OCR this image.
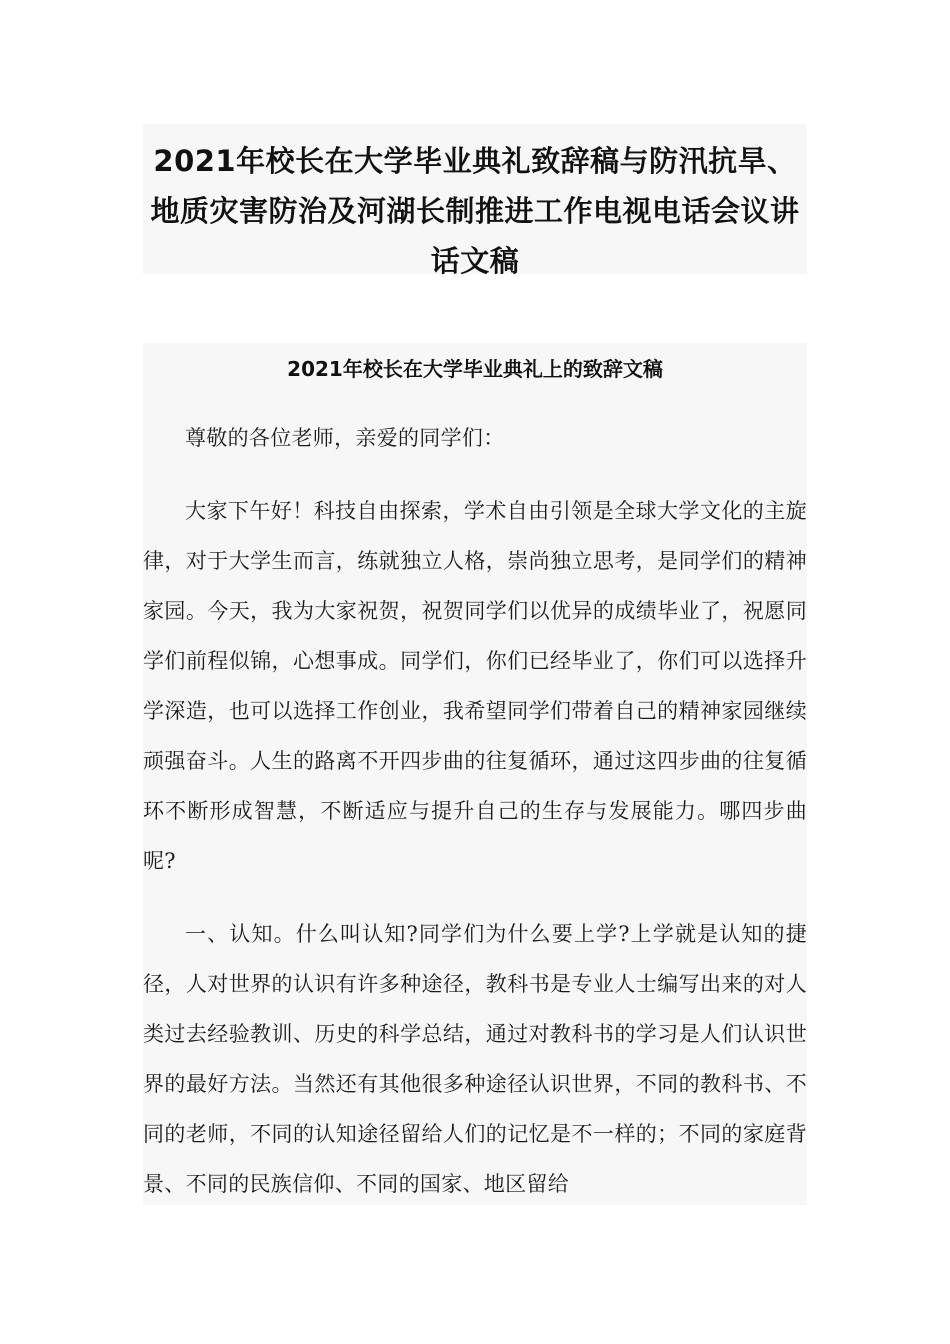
2021年校长在大学毕业典礼致辞稿与防汛抗旱、地质灾害防治及河湖长制推进工作电视电话会议讲话文稿
2021年校长在大学毕业典礼上的致辞文稿

尊敬的各位老师，亲爱的同学们：

大家下午好！科技自由探索，学术自由引领是全球大学文化的主旋律，对于大学生而言，练就独立人格，崇尚独立思考，是同学们的精神家园。今天，我为大家祝贺，祝贺同学们以优异的成绩毕业了，祝愿同学们前程似锦，心想事成。同学们，你们已经毕业了，你们可以选择升学深造，也可以选择工作创业，我希望同学们带着自己的精神家园继续顽强奋斗。人生的路离不开四步曲的往复循环，通过这四步曲的往复循环不断形成智慧，不断适应与提升自己的生存与发展能力。哪四步曲呢?

一、认知。什么叫认知?同学们为什么要上学?上学就是认知的捷径，人对世界的认识有许多种途径，教科书是专业人士编写出来的对人类过去经验教训、历史的科学总结，通过对教科书的学习是人们认识世界的最好方法。当然还有其他很多种途径认识世界，不同的教科书、不同的老师，不同的认知途径留给人们的记忆是不一样的；不同的家庭背景、不同的民族信仰、不同的国家、地区留给
